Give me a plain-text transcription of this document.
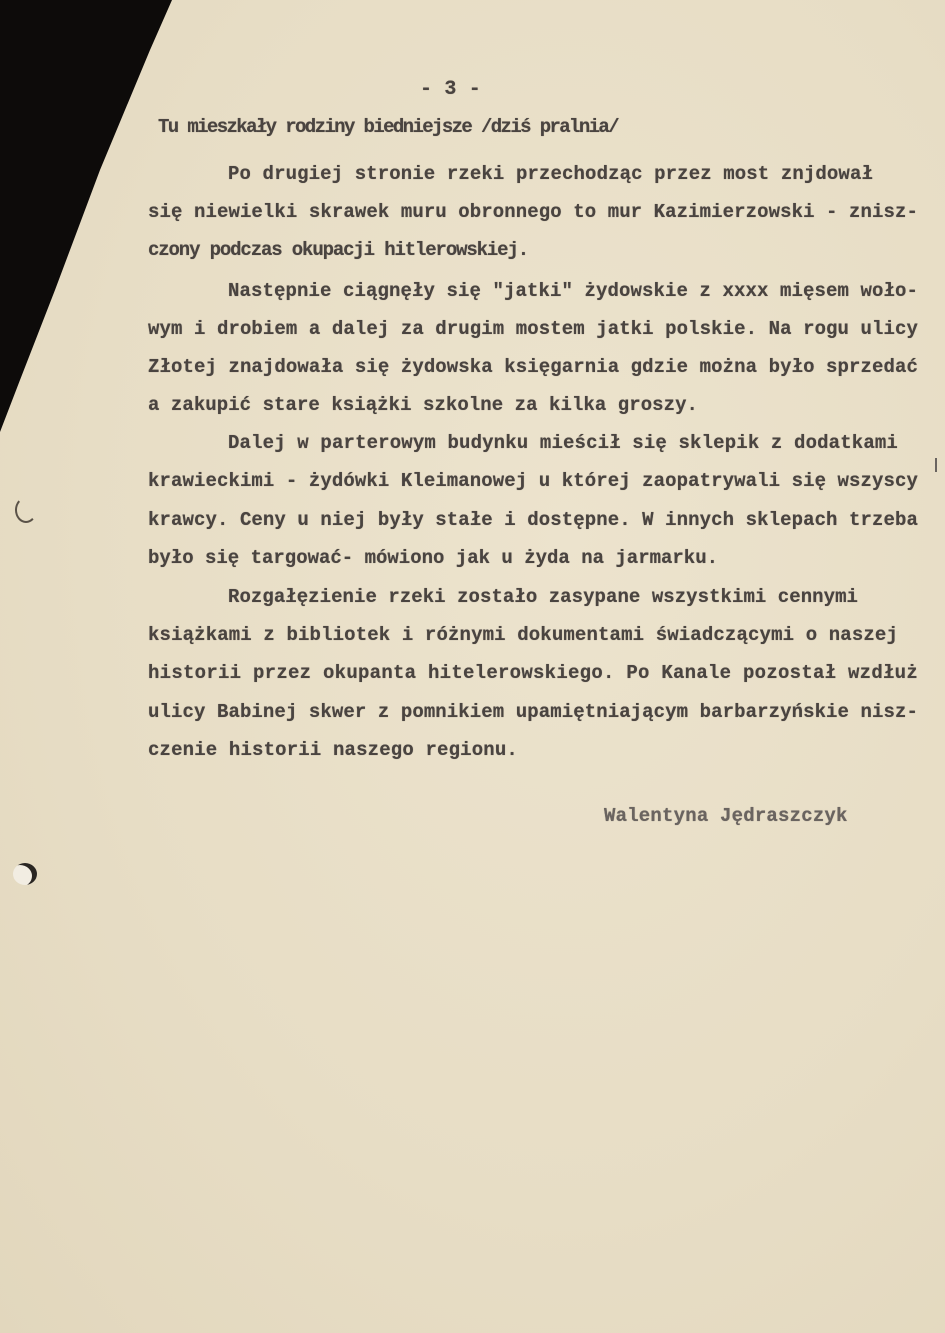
- 3 -
Tu mieszkały rodziny biedniejsze /dziś pralnia/
Po drugiej stronie rzeki przechodząc przez most znjdował
się niewielki skrawek muru obronnego to mur Kazimierzowski - znisz-
czony podczas okupacji hitlerowskiej.
Następnie ciągnęły się "jatki" żydowskie z xxxx mięsem woło-
wym i drobiem a dalej za drugim mostem jatki polskie. Na rogu ulicy
Złotej znajdowała się żydowska księgarnia gdzie można było sprzedać
a zakupić stare książki szkolne za kilka groszy.
Dalej w parterowym budynku mieścił się sklepik z dodatkami
krawieckimi - żydówki Kleimanowej u której zaopatrywali się wszyscy
krawcy. Ceny u niej były stałe i dostępne. W innych sklepach trzeba
było się targować- mówiono jak u żyda na jarmarku.
Rozgałęzienie rzeki zostało zasypane wszystkimi cennymi
książkami z bibliotek i różnymi dokumentami świadczącymi o naszej
historii przez okupanta hitelerowskiego. Po Kanale pozostał wzdłuż
ulicy Babinej skwer z pomnikiem upamiętniającym barbarzyńskie nisz-
czenie historii naszego regionu.
Walentyna Jędraszczyk
